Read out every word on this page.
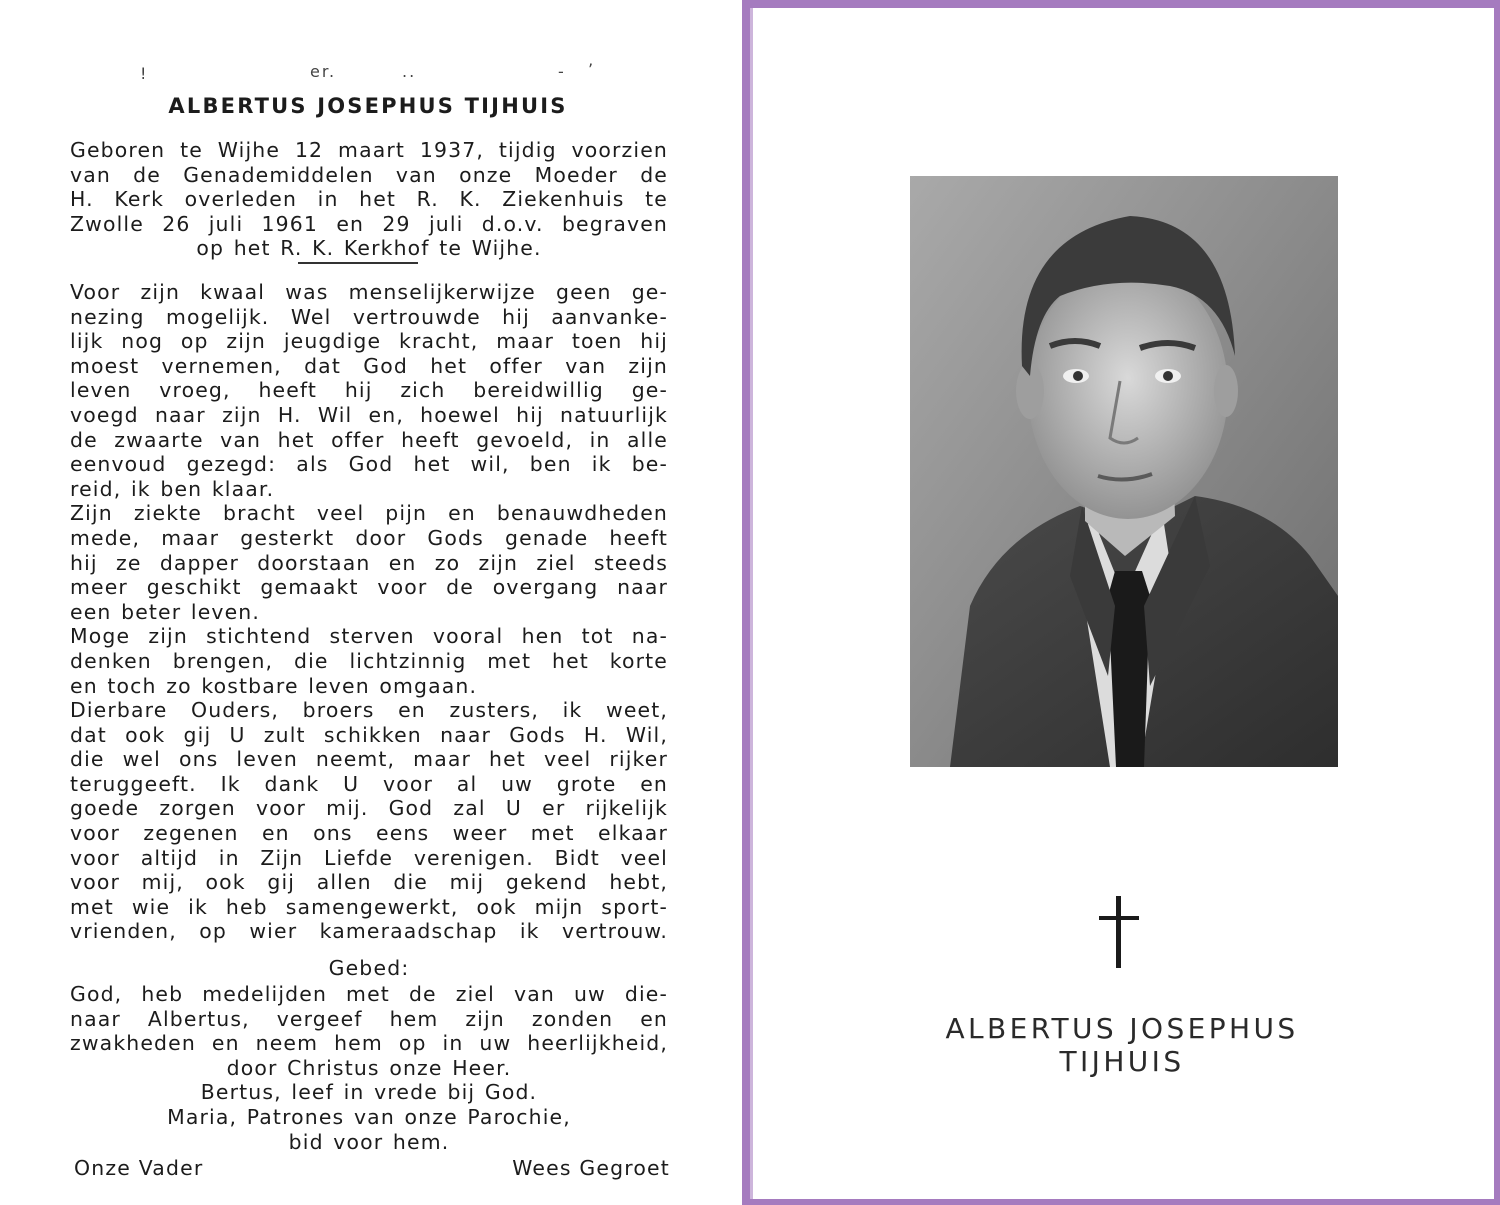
!	er.	..	- ’
ALBERTUS JOSEPHUS TIJHUIS
Geboren te Wijhe 12 maart 1937, tijdig voorzien
van de Genademiddelen van onze Moeder de
H. Kerk overleden in het R. K. Ziekenhuis te
Zwolle 26 juli 1961 en 29 juli d.o.v. begraven
op het R. K. Kerkhof te Wijhe.
Voor zijn kwaal was menselijkerwijze geen ge-
nezing mogelijk. Wel vertrouwde hij aanvanke-
lijk nog op zijn jeugdige kracht, maar toen hij
moest vernemen, dat God het offer van zijn
leven vroeg, heeft hij zich bereidwillig ge-
voegd naar zijn H. Wil en, hoewel hij natuurlijk
de zwaarte van het offer heeft gevoeld, in alle
eenvoud gezegd: als God het wil, ben ik be-
reid, ik ben klaar.
Zijn ziekte bracht veel pijn en benauwdheden
mede, maar gesterkt door Gods genade heeft
hij ze dapper doorstaan en zo zijn ziel steeds
meer geschikt gemaakt voor de overgang naar
een beter leven.
Moge zijn stichtend sterven vooral hen tot na-
denken brengen, die lichtzinnig met het korte
en toch zo kostbare leven omgaan.
Dierbare Ouders, broers en zusters, ik weet,
dat ook gij U zult schikken naar Gods H. Wil,
die wel ons leven neemt, maar het veel rijker
teruggeeft. Ik dank U voor al uw grote en
goede zorgen voor mij. God zal U er rijkelijk
voor zegenen en ons eens weer met elkaar
voor altijd in Zijn Liefde verenigen. Bidt veel
voor mij, ook gij allen die mij gekend hebt,
met wie ik heb samengewerkt, ook mijn sport-
vrienden, op wier kameraadschap ik vertrouw.
Gebed:
God, heb medelijden met de ziel van uw die-
naar Albertus, vergeef hem zijn zonden en
zwakheden en neem hem op in uw heerlijkheid,
door Christus onze Heer.
Bertus, leef in vrede bij God.
Maria, Patrones van onze Parochie,
bid voor hem.
Onze Vader	Wees Gegroet
ALBERTUS JOSEPHUS TIJHUIS
